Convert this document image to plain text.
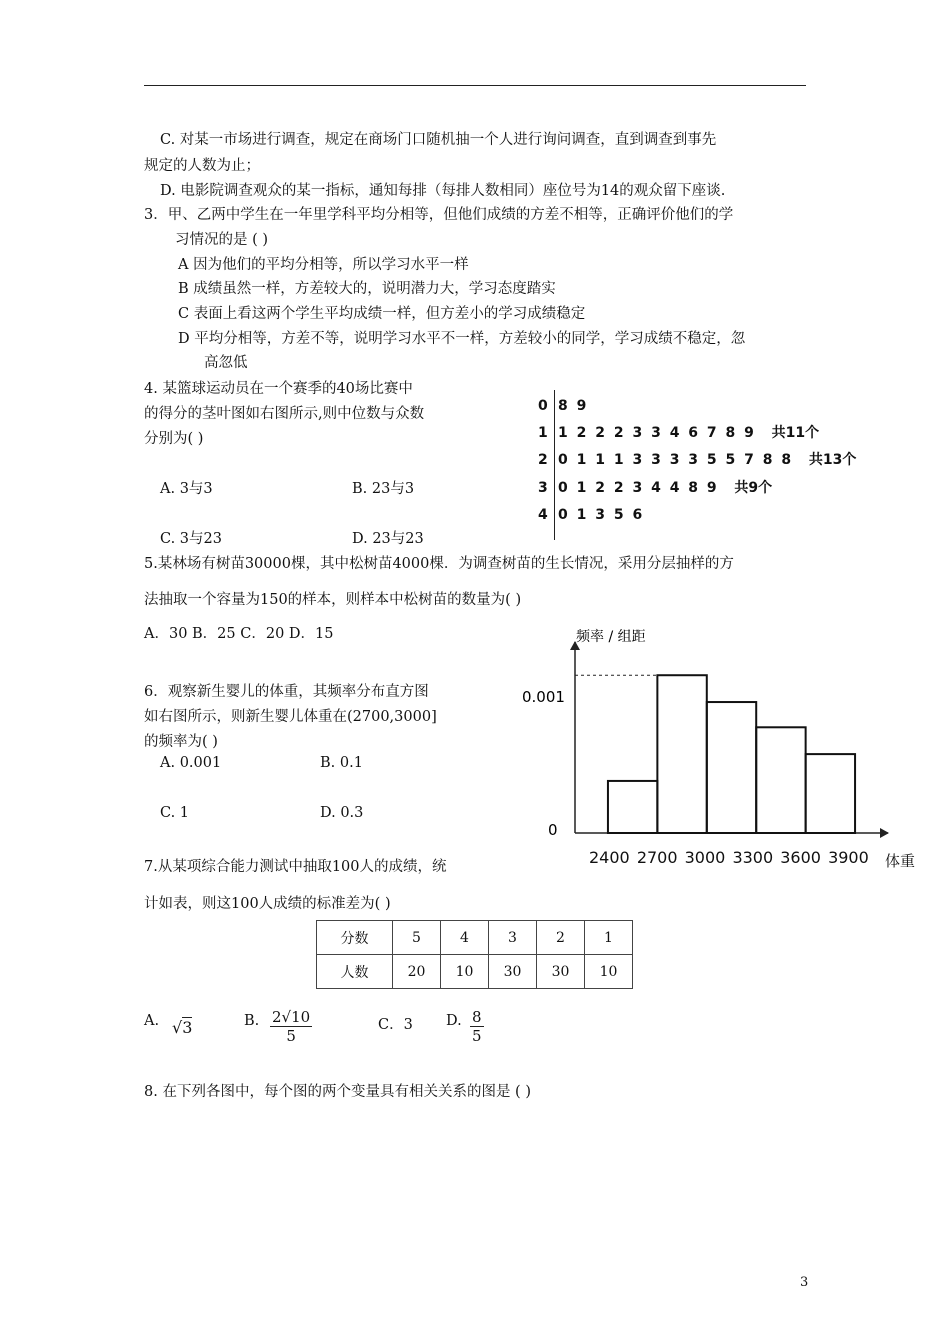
C. 对某一市场进行调查，规定在商场门口随机抽一个人进行询问调查，直到调查到事先
规定的人数为止；
D. 电影院调查观众的某一指标，通知每排（每排人数相同）座位号为14的观众留下座谈.
3．甲、乙两中学生在一年里学科平均分相等，但他们成绩的方差不相等，正确评价他们的学
习情况的是 ( )
A 因为他们的平均分相等，所以学习水平一样
B 成绩虽然一样，方差较大的，说明潜力大，学习态度踏实
C 表面上看这两个学生平均成绩一样，但方差小的学习成绩稳定
D 平均分相等，方差不等，说明学习水平不一样，方差较小的同学，学习成绩不稳定，忽
高忽低
4. 某篮球运动员在一个赛季的40场比赛中
的得分的茎叶图如右图所示,则中位数与众数
分别为( )
A. 3与3	B. 23与3
C. 3与23	D. 23与23
0 8 9
1 1 2 2 2 3 3 4 6 7 8 9 共11个
2 0 1 1 1 3 3 3 3 5 5 7 8 8 共13个
3 0 1 2 2 3 4 4 8 9 共9个
4 0 1 3 5 6
5.某林场有树苗30000棵，其中松树苗4000棵．为调查树苗的生长情况，采用分层抽样的方
法抽取一个容量为150的样本，则样本中松树苗的数量为( )
A．30 B．25 C．20 D．15
6．观察新生婴儿的体重，其频率分布直方图
如右图所示，则新生婴儿体重在(2700,3000]
的频率为( )
A. 0.001	B. 0.1
C. 1	D. 0.3
频率 / 组距
0.001
0
2400 2700 3000 3300 3600 3900 体重
7.从某项综合能力测试中抽取100人的成绩，统
计如表，则这100人成绩的标准差为( )
分数	5	4	3	2	1
人数	20	10	30	30	10
A. √3	B. $\frac{2√10}{5}$	C．3 D. $\frac{8}{5}$
8. 在下列各图中，每个图的两个变量具有相关关系的图是 ( )
3
